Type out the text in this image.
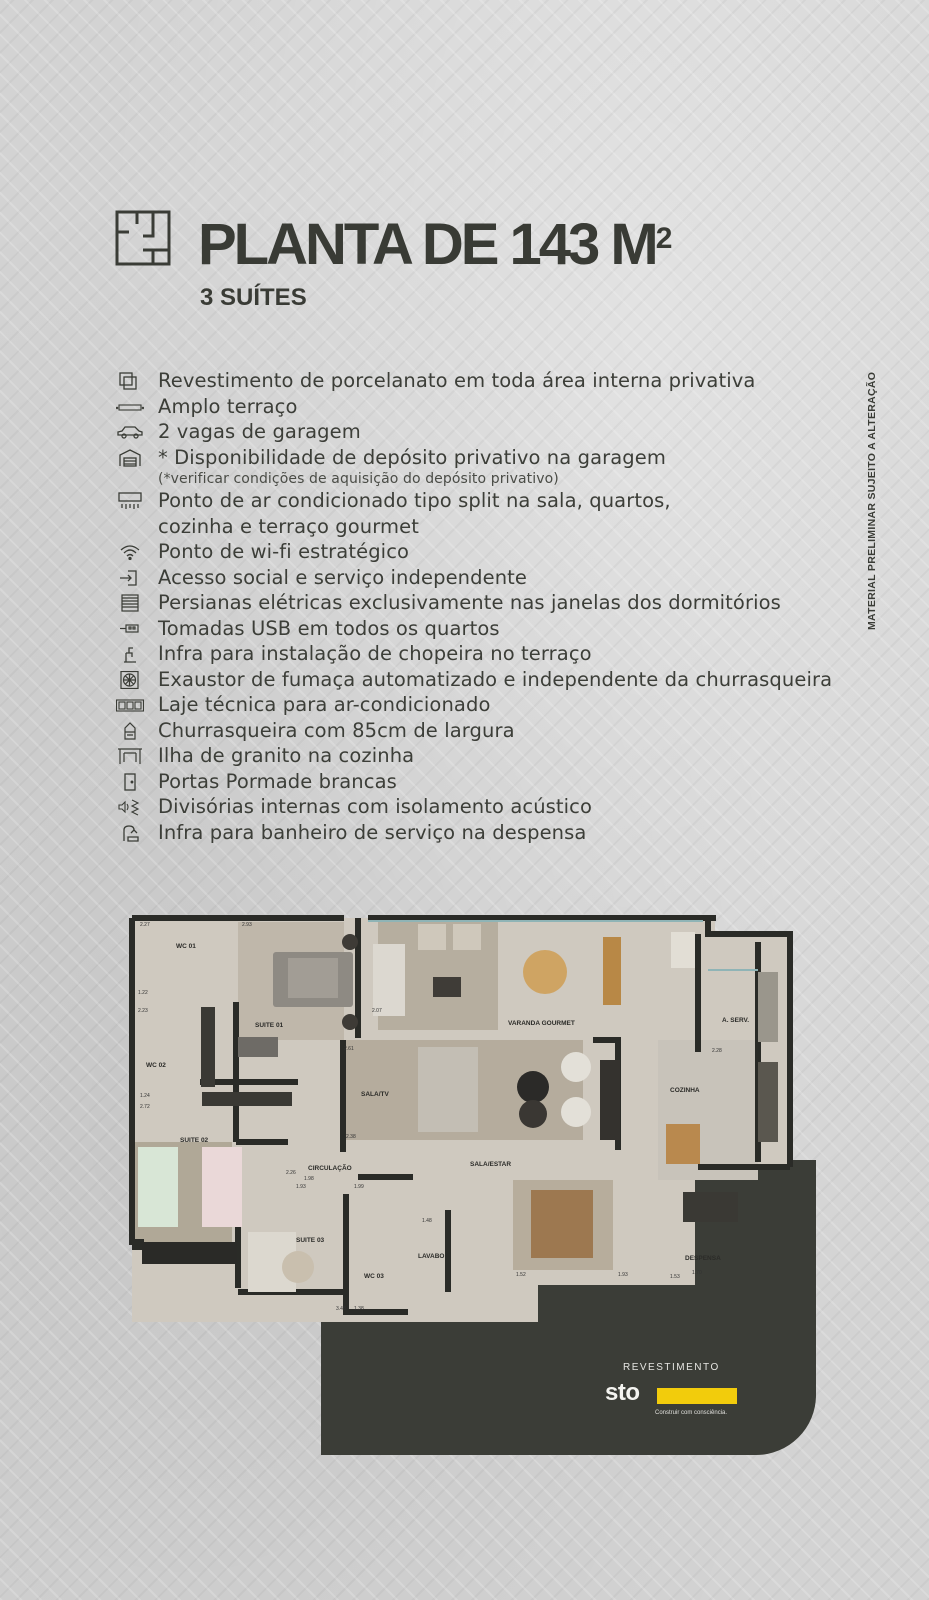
PLANTA DE 143 $M^2$
3 SUÍTES
MATERIAL PRELIMINAR SUJEITO A ALTERAÇÃO
Revestimento de porcelanato em toda área interna privativa
Amplo terraço
2 vagas de garagem
* Disponibilidade de depósito privativo na garagem
(*verificar condições de aquisição do depósito privativo)
Ponto de ar condicionado tipo split na sala, quartos,
cozinha e terraço gourmet
Ponto de wi-fi estratégico
Acesso social e serviço independente
Persianas elétricas exclusivamente nas janelas dos dormitórios
Tomadas USB em todos os quartos
Infra para instalação de chopeira no terraço
Exaustor de fumaça automatizado e independente da churrasqueira
Laje técnica para ar-condicionado
Churrasqueira com 85cm de largura
Ilha de granito na cozinha
Portas Pormade brancas
Divisórias internas com isolamento acústico
Infra para banheiro de serviço na despensa
WC 01
SUITE 01
WC 02
SUITE 02
CIRCULAÇÃO
SUITE 03
WC 03
LAVABO
SALA/TV
SALA/ESTAR
VARANDA GOURMET
COZINHA
A. SERV.
DESPENSA
2.27
1.22
2.23	2.07
1.24
2.72
2.38
1.98
2.61
2.93
2.28
1.93	1.99
1.48
3.48 1.38
1.52	1.93	1.53
1.70
2.26
REVESTIMENTO
sto
Construir com consciência.
